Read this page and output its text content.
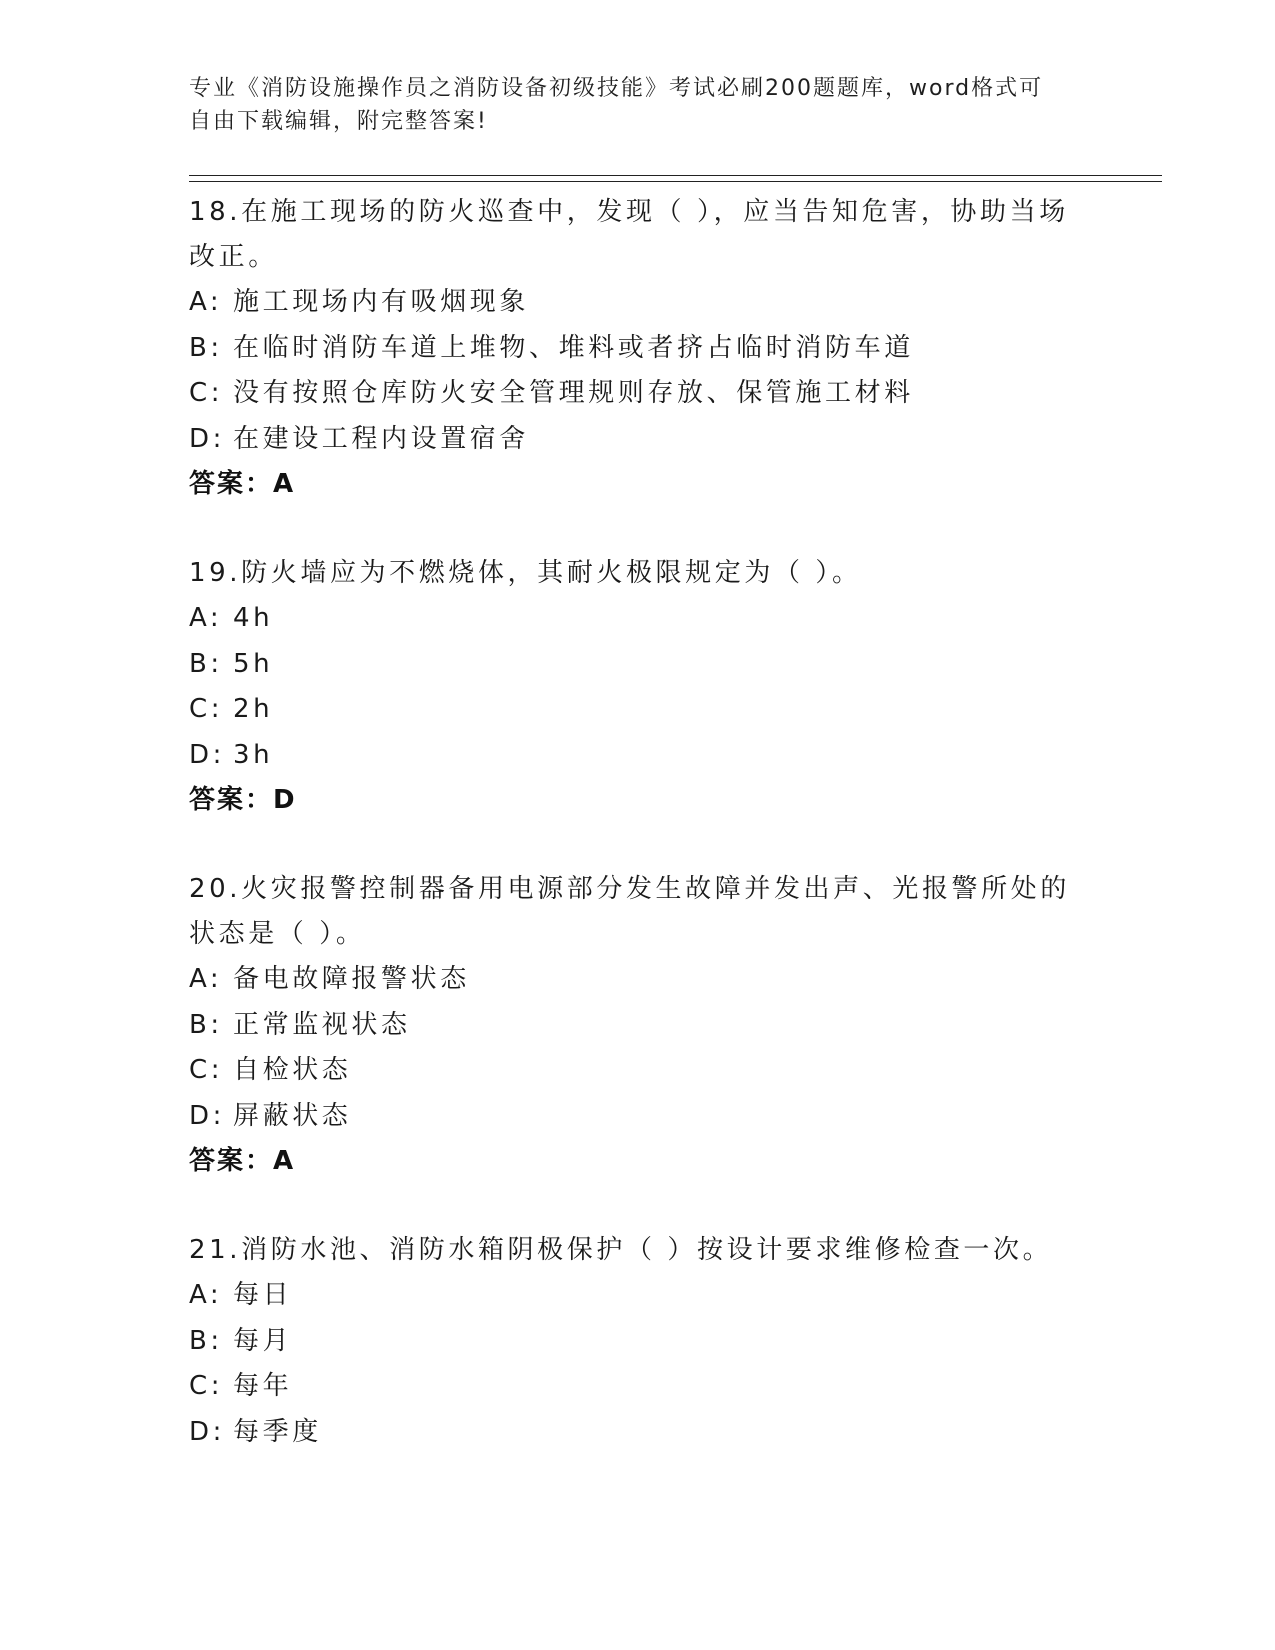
专业《消防设施操作员之消防设备初级技能》考试必刷200题题库，word格式可
自由下载编辑，附完整答案!

18.在施工现场的防火巡查中，发现（ ），应当告知危害，协助当场改正。

A: 施工现场内有吸烟现象

B: 在临时消防车道上堆物、堆料或者挤占临时消防车道

C: 没有按照仓库防火安全管理规则存放、保管施工材料

D: 在建设工程内设置宿舍

答案：A

19.防火墙应为不燃烧体，其耐火极限规定为（ ）。

A: 4h

B: 5h

C: 2h

D: 3h

答案：D

20.火灾报警控制器备用电源部分发生故障并发出声、光报警所处的状态是（ ）。

A: 备电故障报警状态

B: 正常监视状态

C: 自检状态

D: 屏蔽状态

答案：A

21.消防水池、消防水箱阴极保护（ ）按设计要求维修检查一次。

A: 每日

B: 每月

C: 每年

D: 每季度
